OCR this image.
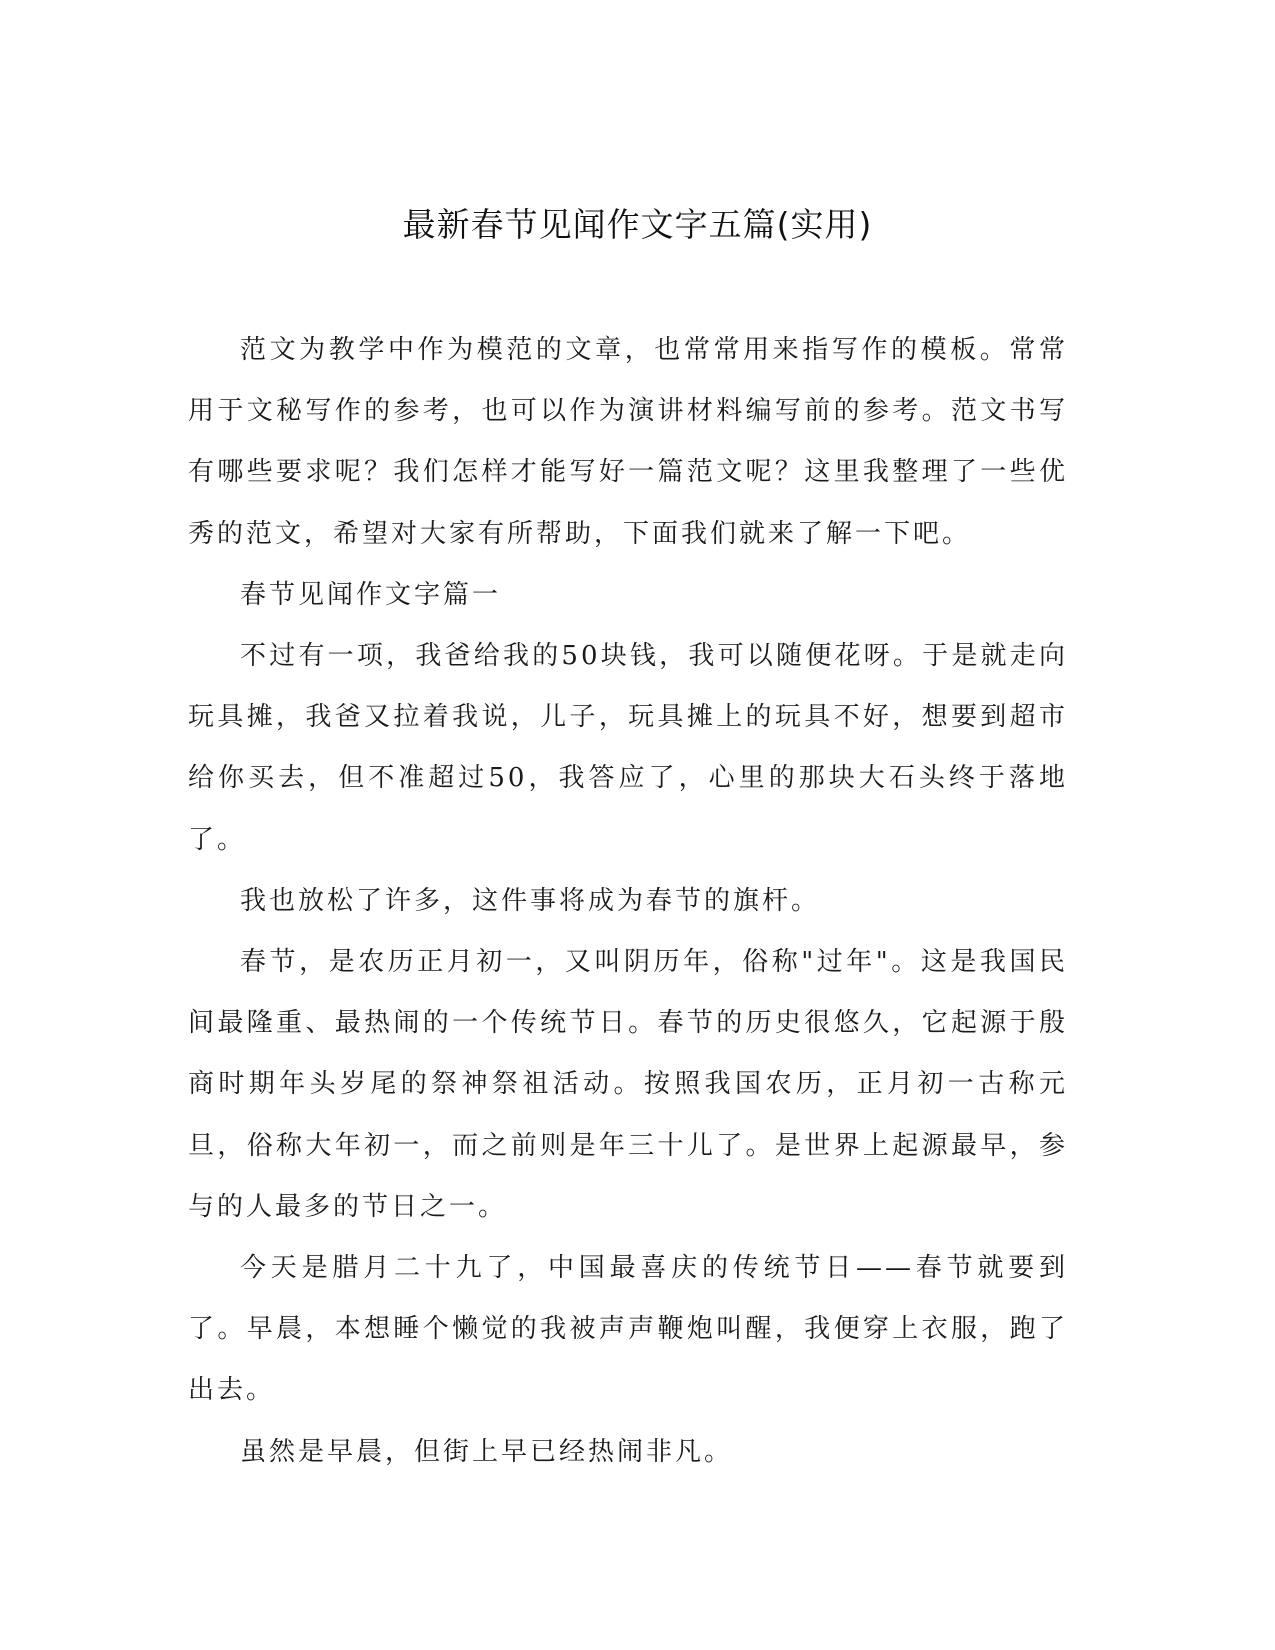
最新春节见闻作文字五篇(实用)

范文为教学中作为模范的文章，也常常用来指写作的模板。常常用于文秘写作的参考，也可以作为演讲材料编写前的参考。范文书写有哪些要求呢？我们怎样才能写好一篇范文呢？这里我整理了一些优秀的范文，希望对大家有所帮助，下面我们就来了解一下吧。

春节见闻作文字篇一

不过有一项，我爸给我的50块钱，我可以随便花呀。于是就走向玩具摊，我爸又拉着我说，儿子，玩具摊上的玩具不好，想要到超市给你买去，但不准超过50，我答应了，心里的那块大石头终于落地了。

我也放松了许多，这件事将成为春节的旗杆。

春节，是农历正月初一，又叫阴历年，俗称"过年"。这是我国民间最隆重、最热闹的一个传统节日。春节的历史很悠久，它起源于殷商时期年头岁尾的祭神祭祖活动。按照我国农历，正月初一古称元旦，俗称大年初一，而之前则是年三十儿了。是世界上起源最早，参与的人最多的节日之一。

今天是腊月二十九了，中国最喜庆的传统节日——春节就要到了。早晨，本想睡个懒觉的我被声声鞭炮叫醒，我便穿上衣服，跑了出去。

虽然是早晨，但街上早已经热闹非凡。
